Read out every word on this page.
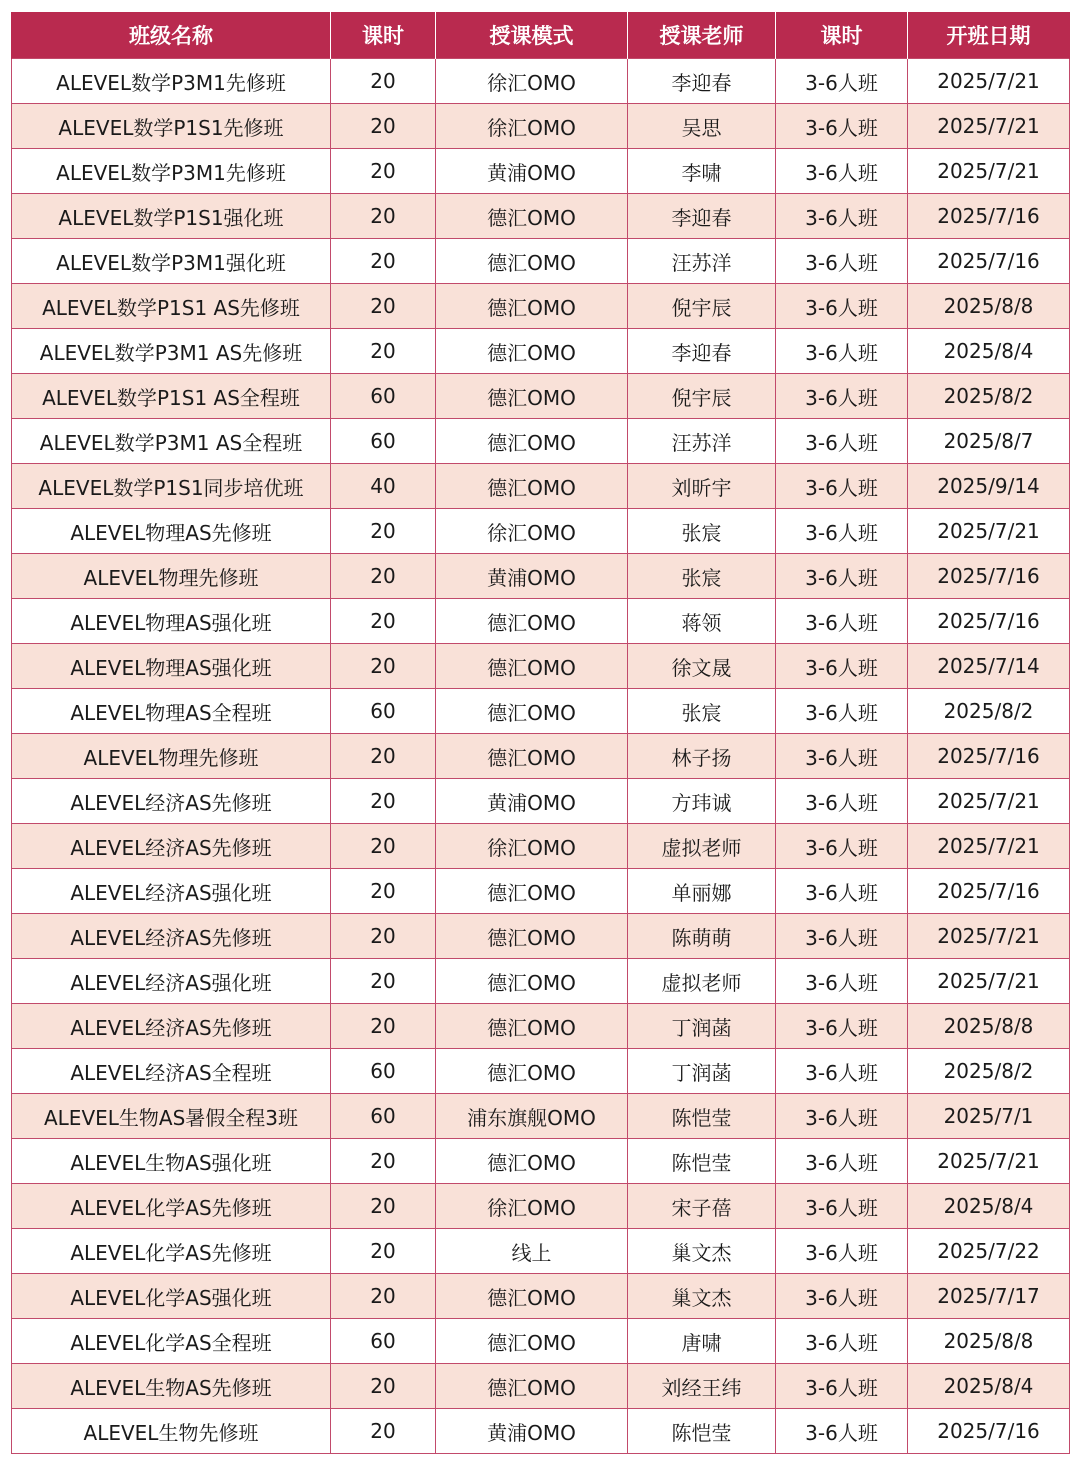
班级名称	课时	授课模式	授课老师	课时	开班日期
ALEVEL数学P3M1先修班	20	徐汇OMO	李迎春	3-6人班	2025/7/21
ALEVEL数学P1S1先修班	20	徐汇OMO	吴思	3-6人班	2025/7/21
ALEVEL数学P3M1先修班	20	黄浦OMO	李啸	3-6人班	2025/7/21
ALEVEL数学P1S1强化班	20	德汇OMO	李迎春	3-6人班	2025/7/16
ALEVEL数学P3M1强化班	20	德汇OMO	汪苏洋	3-6人班	2025/7/16
ALEVEL数学P1S1 AS先修班	20	德汇OMO	倪宇辰	3-6人班	2025/8/8
ALEVEL数学P3M1 AS先修班	20	德汇OMO	李迎春	3-6人班	2025/8/4
ALEVEL数学P1S1 AS全程班	60	德汇OMO	倪宇辰	3-6人班	2025/8/2
ALEVEL数学P3M1 AS全程班	60	德汇OMO	汪苏洋	3-6人班	2025/8/7
ALEVEL数学P1S1同步培优班	40	德汇OMO	刘昕宇	3-6人班	2025/9/14
ALEVEL物理AS先修班	20	徐汇OMO	张宸	3-6人班	2025/7/21
ALEVEL物理先修班	20	黄浦OMO	张宸	3-6人班	2025/7/16
ALEVEL物理AS强化班	20	德汇OMO	蒋领	3-6人班	2025/7/16
ALEVEL物理AS强化班	20	德汇OMO	徐文晟	3-6人班	2025/7/14
ALEVEL物理AS全程班	60	德汇OMO	张宸	3-6人班	2025/8/2
ALEVEL物理先修班	20	德汇OMO	林子扬	3-6人班	2025/7/16
ALEVEL经济AS先修班	20	黄浦OMO	方玮诚	3-6人班	2025/7/21
ALEVEL经济AS先修班	20	徐汇OMO	虚拟老师	3-6人班	2025/7/21
ALEVEL经济AS强化班	20	德汇OMO	单丽娜	3-6人班	2025/7/16
ALEVEL经济AS先修班	20	德汇OMO	陈萌萌	3-6人班	2025/7/21
ALEVEL经济AS强化班	20	德汇OMO	虚拟老师	3-6人班	2025/7/21
ALEVEL经济AS先修班	20	德汇OMO	丁润菡	3-6人班	2025/8/8
ALEVEL经济AS全程班	60	德汇OMO	丁润菡	3-6人班	2025/8/2
ALEVEL生物AS暑假全程3班	60	浦东旗舰OMO	陈恺莹	3-6人班	2025/7/1
ALEVEL生物AS强化班	20	德汇OMO	陈恺莹	3-6人班	2025/7/21
ALEVEL化学AS先修班	20	徐汇OMO	宋子蓓	3-6人班	2025/8/4
ALEVEL化学AS先修班	20	线上	巢文杰	3-6人班	2025/7/22
ALEVEL化学AS强化班	20	德汇OMO	巢文杰	3-6人班	2025/7/17
ALEVEL化学AS全程班	60	德汇OMO	唐啸	3-6人班	2025/8/8
ALEVEL生物AS先修班	20	德汇OMO	刘经王纬	3-6人班	2025/8/4
ALEVEL生物先修班	20	黄浦OMO	陈恺莹	3-6人班	2025/7/16
